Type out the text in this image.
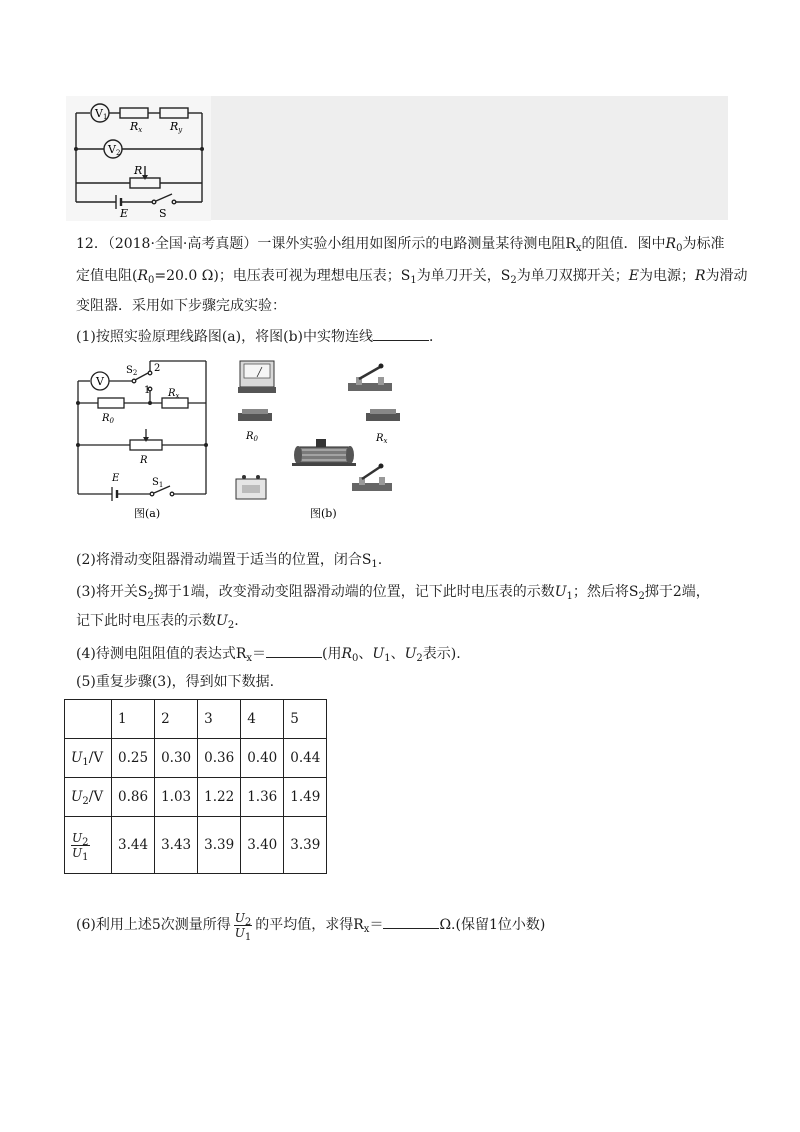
V1
V2
Rx	Ry
R
E	S
12．（2018·全国·高考真题）一课外实验小组用如图所示的电路测量某待测电阻$R_x$的阻值．图中$R_0$为标准
定值电阻($R_0=20.0$ Ω)；电压表可视为理想电压表；$S_1$为单刀开关，$S_2$为单刀双掷开关；E为电源；R为滑动
变阻器．采用如下步骤完成实验：
(1)按照实验原理线路图(a)，将图(b)中实物连线	．
V
$S_2$ 2
1 $R_x$
$R_0$
R
E	$S_1$
图(a)
$R_0$	$R_x$
图(b)
(2)将滑动变阻器滑动端置于适当的位置，闭合$S_1$.
(3)将开关$S_2$掷于1端，改变滑动变阻器滑动端的位置，记下此时电压表的示数$U_1$；然后将$S_2$掷于2端，
记下此时电压表的示数$U_2$.
(4)待测电阻阻值的表达式$R_x=$	(用$R_0$、$U_1$、$U_2$表示).
(5)重复步骤(3)，得到如下数据.
	1	2	3	4	5
$U_1/V$	0.25	0.30	0.36	0.40	0.44
$U_2/V$	0.86	1.03	1.22	1.36	1.49

$\frac{U_2}{U_1}$	3.44	3.43	3.39	3.40	3.39
(6)利用上述5次测量所得 $\frac{U_2}{U_1}$ 的平均值，求得$R_x=$	Ω.(保留1位小数)
